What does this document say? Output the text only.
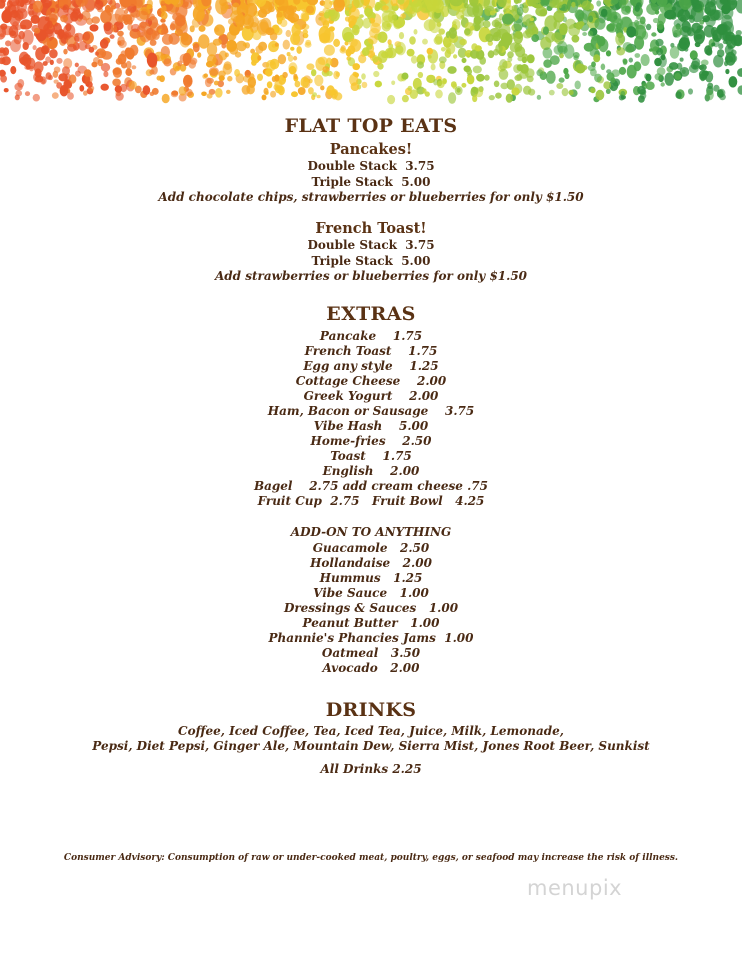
FLAT TOP EATS
Pancakes!
Double Stack  3.75
Triple Stack  5.00
Add chocolate chips, strawberries or blueberries for only $1.50
French Toast!
Double Stack  3.75
Triple Stack  5.00
Add strawberries or blueberries for only $1.50
EXTRAS
Pancake    1.75
French Toast    1.75
Egg any style    1.25
Cottage Cheese    2.00
Greek Yogurt    2.00
Ham, Bacon or Sausage    3.75
Vibe Hash    5.00
Home-fries    2.50
Toast    1.75
English    2.00
Bagel    2.75 add cream cheese .75
Fruit Cup  2.75   Fruit Bowl   4.25
ADD-ON TO ANYTHING
Guacamole   2.50
Hollandaise   2.00
Hummus   1.25
Vibe Sauce   1.00
Dressings & Sauces   1.00
Peanut Butter   1.00
Phannie's Phancies Jams  1.00
Oatmeal   3.50
Avocado   2.00
DRINKS
Coffee, Iced Coffee, Tea, Iced Tea, Juice, Milk, Lemonade,
Pepsi, Diet Pepsi, Ginger Ale, Mountain Dew, Sierra Mist, Jones Root Beer, Sunkist
All Drinks 2.25
Consumer Advisory: Consumption of raw or under-cooked meat, poultry, eggs, or seafood may increase the risk of illness.
menupix
